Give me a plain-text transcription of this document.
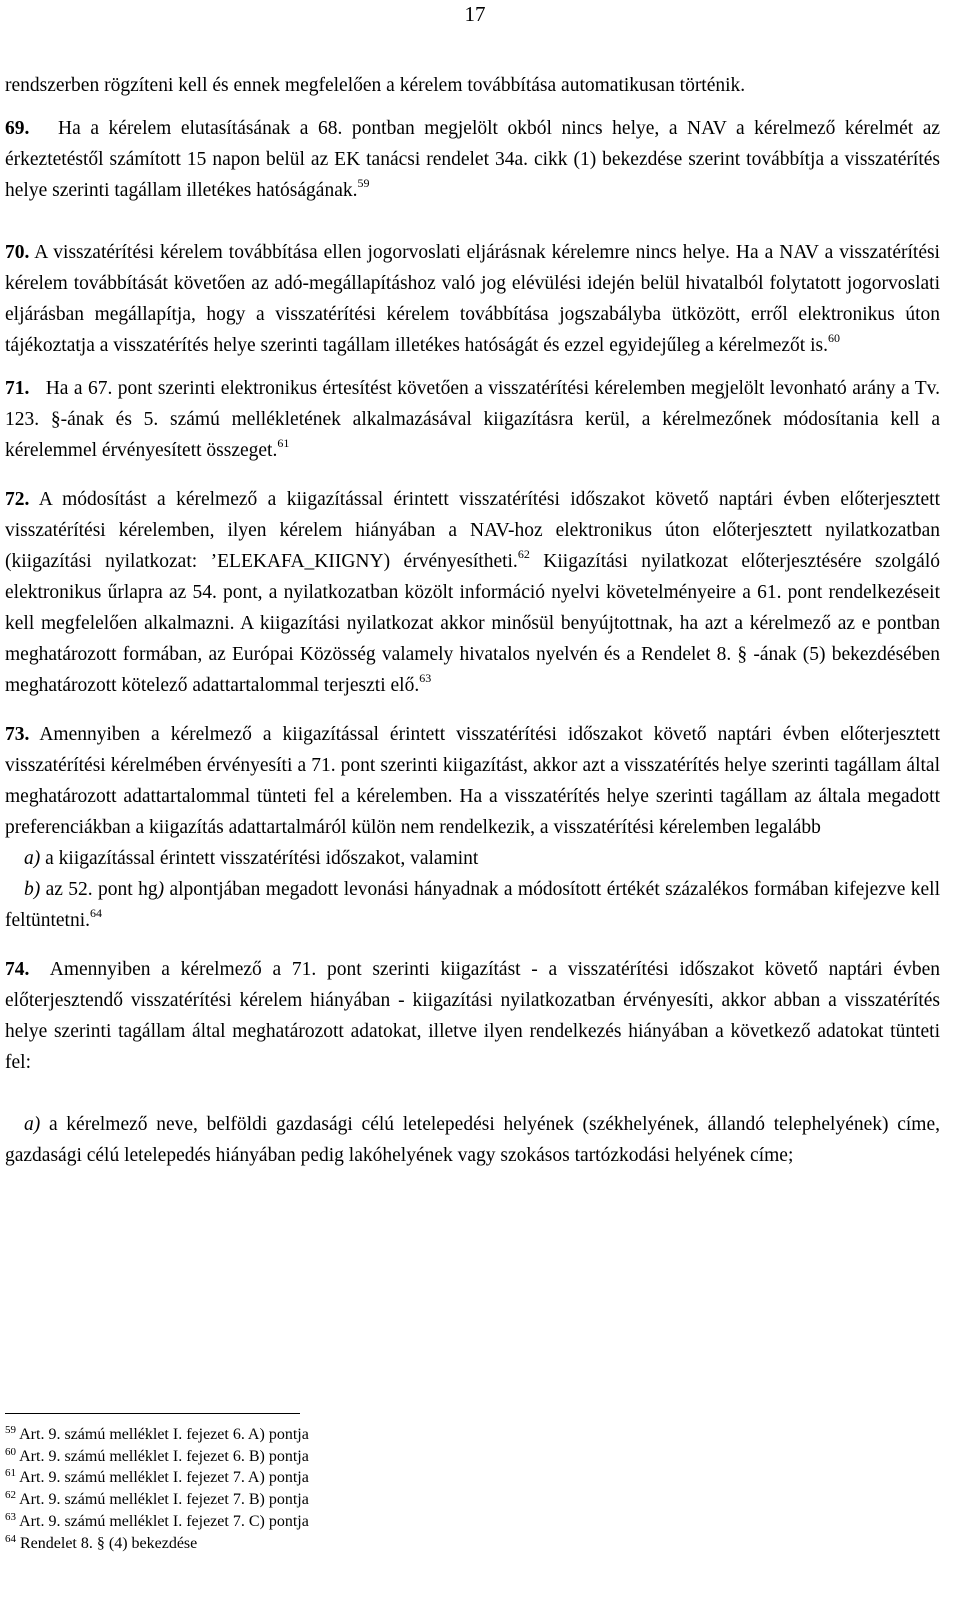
17

rendszerben rögzíteni kell és ennek megfelelően a kérelem továbbítása automatikusan történik.

69. Ha a kérelem elutasításának a 68. pontban megjelölt okból nincs helye, a NAV a kérelmező kérelmét az érkeztetéstől számított 15 napon belül az EK tanácsi rendelet 34a. cikk (1) bekezdése szerint továbbítja a visszatérítés helye szerinti tagállam illetékes hatóságának.$^{59}$

70. A visszatérítési kérelem továbbítása ellen jogorvoslati eljárásnak kérelemre nincs helye. Ha a NAV a visszatérítési kérelem továbbítását követően az adó-megállapításhoz való jog elévülési idején belül hivatalból folytatott jogorvoslati eljárásban megállapítja, hogy a visszatérítési kérelem továbbítása jogszabályba ütközött, erről elektronikus úton tájékoztatja a visszatérítés helye szerinti tagállam illetékes hatóságát és ezzel egyidejűleg a kérelmezőt is.$^{60}$

71. Ha a 67. pont szerinti elektronikus értesítést követően a visszatérítési kérelemben megjelölt levonható arány a Tv. 123. §-ának és 5. számú mellékletének alkalmazásával kiigazításra kerül, a kérelmezőnek módosítania kell a kérelemmel érvényesített összeget.$^{61}$

72. A módosítást a kérelmező a kiigazítással érintett visszatérítési időszakot követő naptári évben előterjesztett visszatérítési kérelemben, ilyen kérelem hiányában a NAV-hoz elektronikus úton előterjesztett nyilatkozatban (kiigazítási nyilatkozat: ’ELEKAFA_KIIGNY) érvényesítheti.$^{62}$ Kiigazítási nyilatkozat előterjesztésére szolgáló elektronikus űrlapra az 54. pont, a nyilatkozatban közölt információ nyelvi követelményeire a 61. pont rendelkezéseit kell megfelelően alkalmazni. A kiigazítási nyilatkozat akkor minősül benyújtottnak, ha azt a kérelmező az e pontban meghatározott formában, az Európai Közösség valamely hivatalos nyelvén és a Rendelet 8. § -ának (5) bekezdésében meghatározott kötelező adattartalommal terjeszti elő.$^{63}$

73. Amennyiben a kérelmező a kiigazítással érintett visszatérítési időszakot követő naptári évben előterjesztett visszatérítési kérelmében érvényesíti a 71. pont szerinti kiigazítást, akkor azt a visszatérítés helye szerinti tagállam által meghatározott adattartalommal tünteti fel a kérelemben. Ha a visszatérítés helye szerinti tagállam az általa megadott preferenciákban a kiigazítás adattartalmáról külön nem rendelkezik, a visszatérítési kérelemben legalább

a) a kiigazítással érintett visszatérítési időszakot, valamint

b) az 52. pont hg) alpontjában megadott levonási hányadnak a módosított értékét százalékos formában kifejezve kell feltüntetni.$^{64}$

74. Amennyiben a kérelmező a 71. pont szerinti kiigazítást - a visszatérítési időszakot követő naptári évben előterjesztendő visszatérítési kérelem hiányában - kiigazítási nyilatkozatban érvényesíti, akkor abban a visszatérítés helye szerinti tagállam által meghatározott adatokat, illetve ilyen rendelkezés hiányában a következő adatokat tünteti fel:

a) a kérelmező neve, belföldi gazdasági célú letelepedési helyének (székhelyének, állandó telephelyének) címe, gazdasági célú letelepedés hiányában pedig lakóhelyének vagy szokásos tartózkodási helyének címe;

$^{59}$ Art. 9. számú melléklet I. fejezet 6. A) pontja

$^{60}$ Art. 9. számú melléklet I. fejezet 6. B) pontja

$^{61}$ Art. 9. számú melléklet I. fejezet 7. A) pontja

$^{62}$ Art. 9. számú melléklet I. fejezet 7. B) pontja

$^{63}$ Art. 9. számú melléklet I. fejezet 7. C) pontja

$^{64}$ Rendelet 8. § (4) bekezdése
